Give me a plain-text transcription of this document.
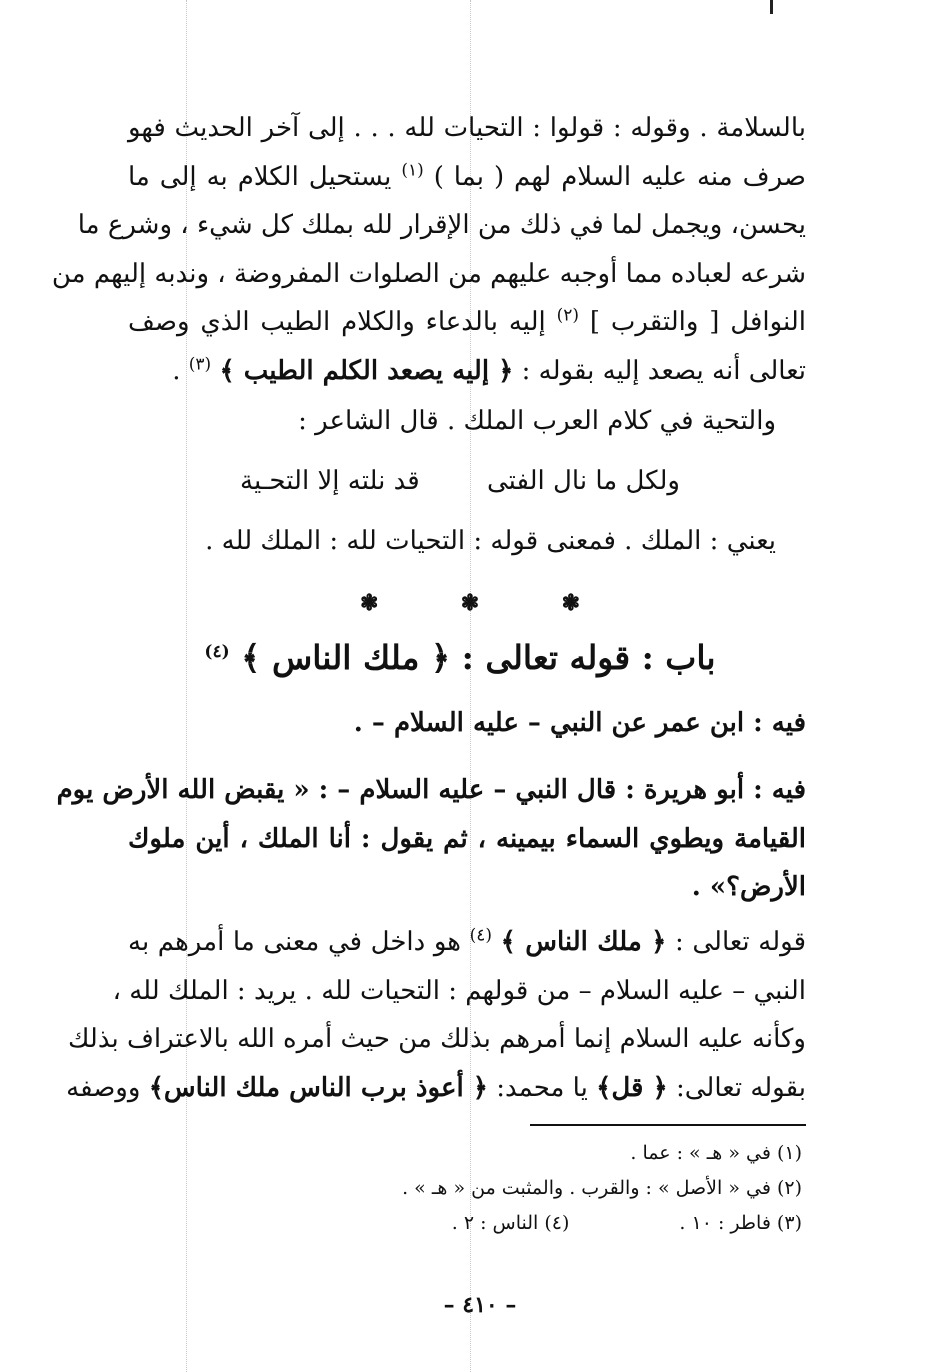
بالسلامة . وقوله : قولوا : التحيات لله . . . إلى آخر الحديث فهو
صرف منه عليه السلام لهم ( بما ) $^{(١)}$ يستحيل الكلام به إلى ما
يحسن، ويجمل لما في ذلك من الإقرار لله بملك كل شيء ، وشرع ما
شرعه لعباده مما أوجبه عليهم من الصلوات المفروضة ، وندبه إليهم من
النوافل [ والتقرب ] $^{(٢)}$ إليه بالدعاء والكلام الطيب الذي وصف
تعالى أنه يصعد إليه بقوله : ﴿ إليه يصعد الكلم الطيب ﴾ $^{(٣)}$ .
والتحية في كلام العرب الملك . قال الشاعر :
ولكل ما نال الفتى
قد نلته إلا التحـية
يعني : الملك . فمعنى قوله : التحيات لله : الملك لله .
❃	❃	❃
باب : قوله تعالى : ﴿ ملك الناس ﴾ $^{(٤)}$
فيه : ابن عمر عن النبي – عليه السلام – .
فيه : أبو هريرة : قال النبي – عليه السلام – : « يقبض الله الأرض يوم
القيامة ويطوي السماء بيمينه ، ثم يقول : أنا الملك ، أين ملوك
الأرض؟» .
قوله تعالى : ﴿ ملك الناس ﴾ $^{(٤)}$ هو داخل في معنى ما أمرهم به
النبي – عليه السلام – من قولهم : التحيات لله . يريد : الملك لله ،
وكأنه عليه السلام إنما أمرهم بذلك من حيث أمره الله بالاعتراف بذلك
بقوله تعالى: ﴿ قل﴾ يا محمد: ﴿ أعوذ برب الناس ملك الناس﴾ ووصفه
(١) في « هـ » : عما .
(٢) في « الأصل » : والقرب . والمثبت من « هـ » .
(٣) فاطر : ١٠ .
(٤) الناس : ٢ .
– ٤١٠ –
